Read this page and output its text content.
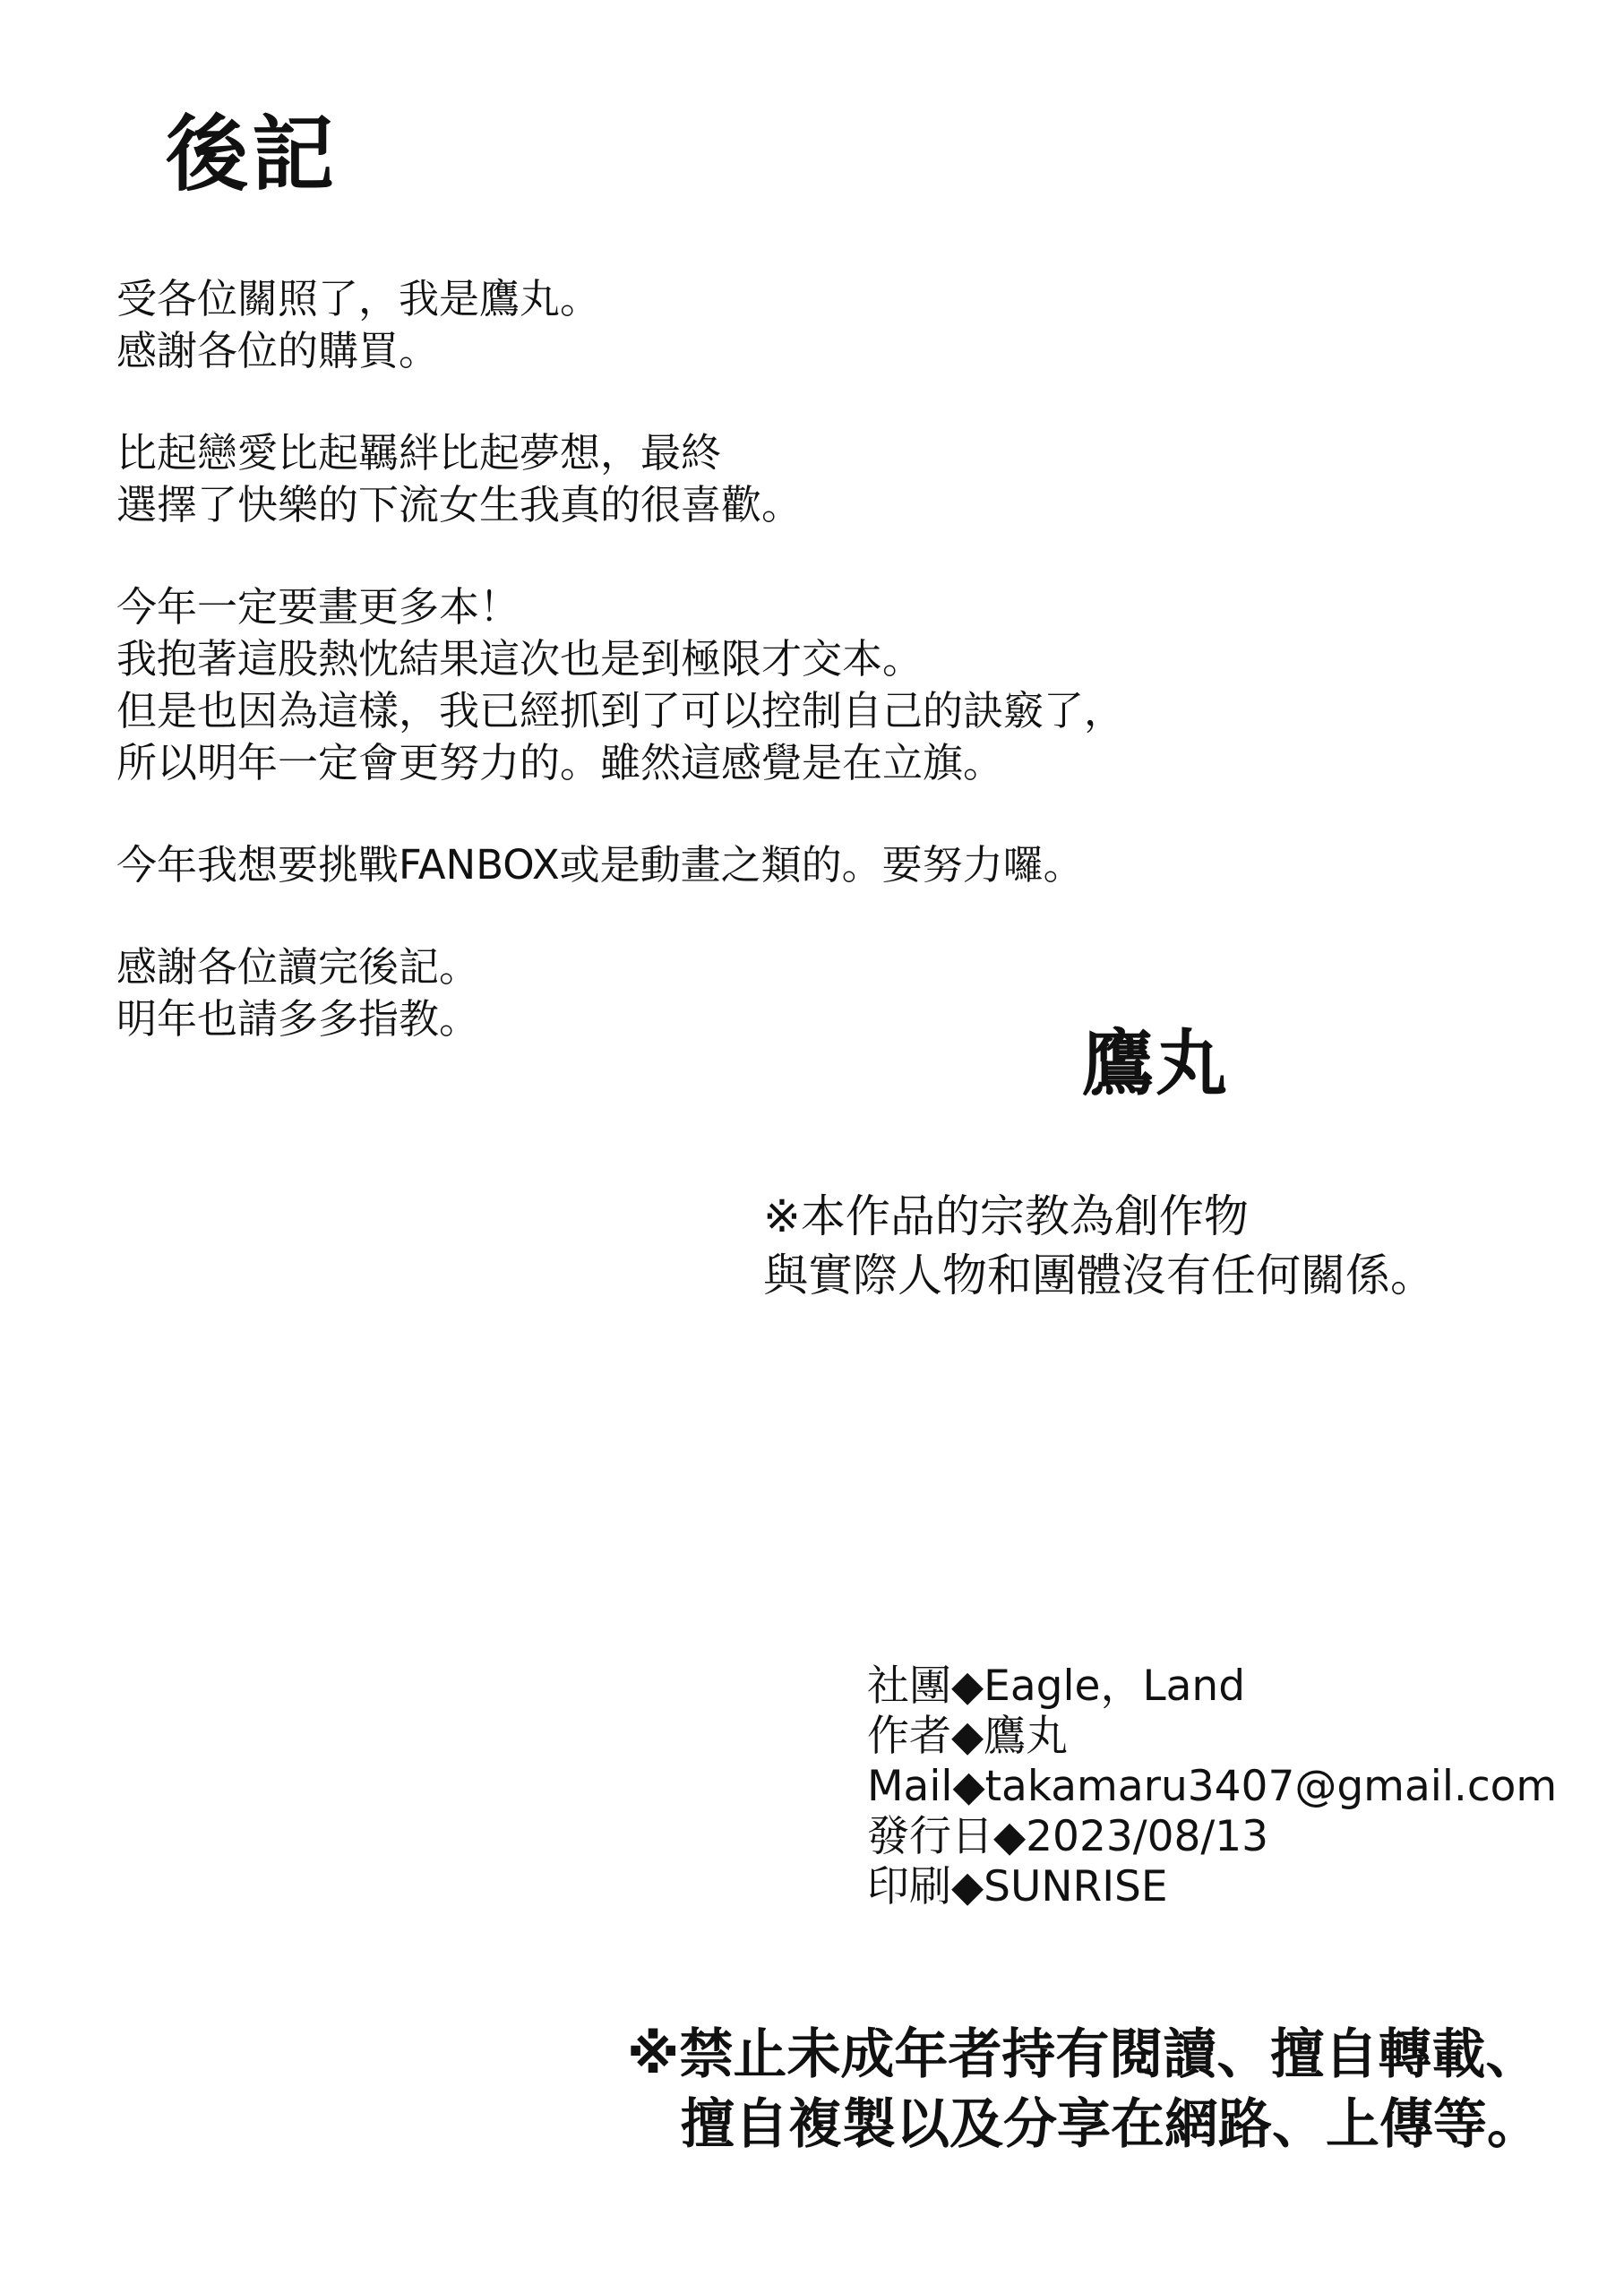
後記

受各位關照了，我是鷹丸。
感謝各位的購買。

比起戀愛比起羈絆比起夢想，最終
選擇了快樂的下流女生我真的很喜歡。

今年一定要畫更多本！
我抱著這股熱忱結果這次也是到極限才交本。
但是也因為這樣，我已經抓到了可以控制自己的訣竅了，
所以明年一定會更努力的。雖然這感覺是在立旗。

今年我想要挑戰FANBOX或是動畫之類的。要努力囉。

感謝各位讀完後記。
明年也請多多指教。

鷹丸
※本作品的宗教為創作物
與實際人物和團體沒有任何關係。
社團◆Eagle，Land
作者◆鷹丸
Mail◆takamaru3407@gmail.com
發行日◆2023/08/13
印刷◆SUNRISE
※禁止未成年者持有閱讀、擅自轉載、
擅自複製以及分享在網路、上傳等。
